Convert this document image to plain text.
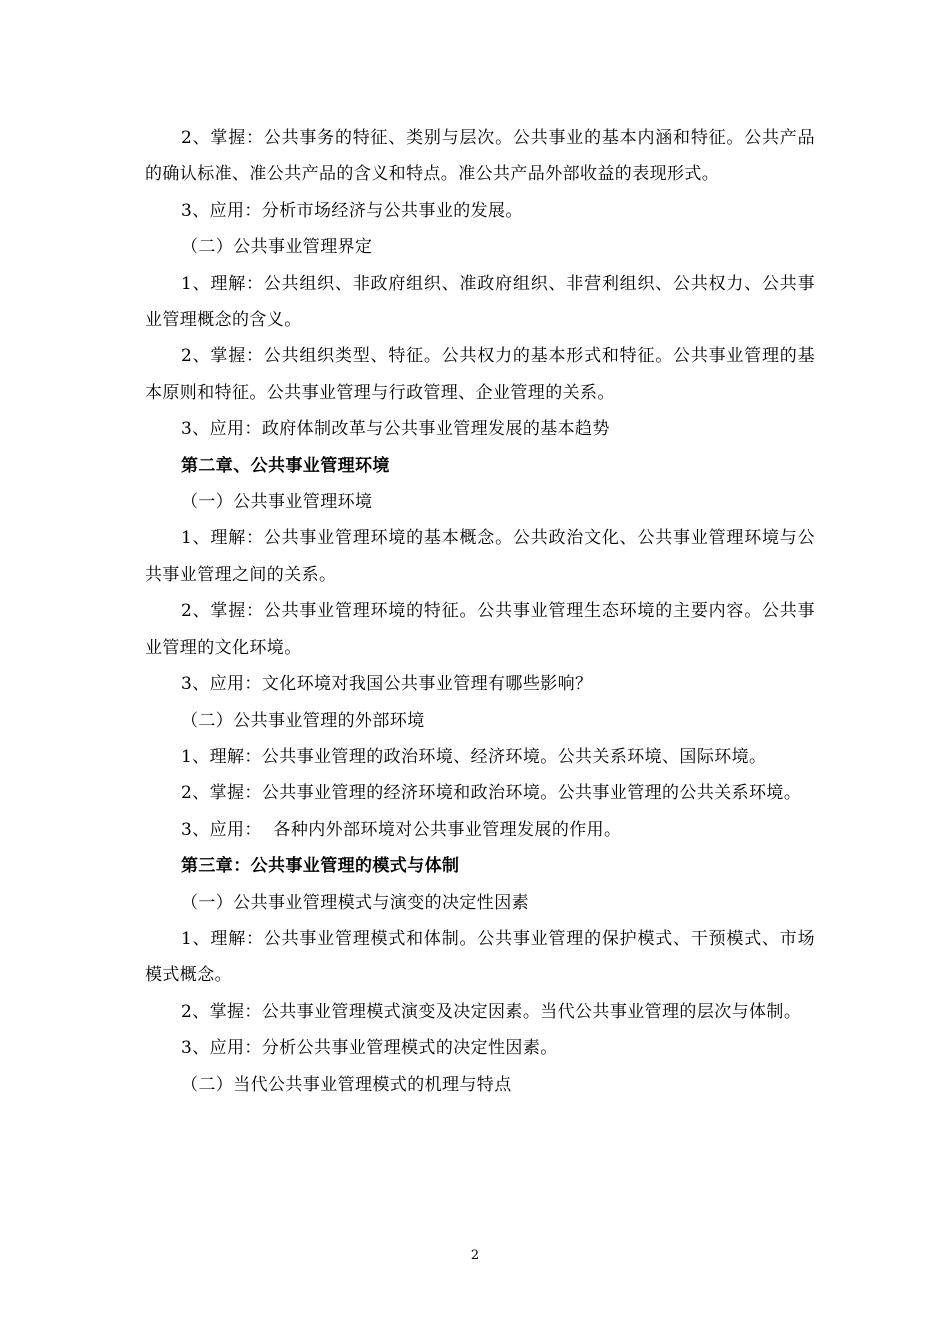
2、掌握：公共事务的特征、类别与层次。公共事业的基本内涵和特征。公共产品的确认标准、准公共产品的含义和特点。准公共产品外部收益的表现形式。

3、应用：分析市场经济与公共事业的发展。

（二）公共事业管理界定

1、理解：公共组织、非政府组织、准政府组织、非营利组织、公共权力、公共事业管理概念的含义。

2、掌握：公共组织类型、特征。公共权力的基本形式和特征。公共事业管理的基本原则和特征。公共事业管理与行政管理、企业管理的关系。

3、应用：政府体制改革与公共事业管理发展的基本趋势

第二章、公共事业管理环境

（一）公共事业管理环境

1、理解：公共事业管理环境的基本概念。公共政治文化、公共事业管理环境与公共事业管理之间的关系。

2、掌握：公共事业管理环境的特征。公共事业管理生态环境的主要内容。公共事业管理的文化环境。

3、应用：文化环境对我国公共事业管理有哪些影响？

（二）公共事业管理的外部环境

1、理解：公共事业管理的政治环境、经济环境。公共关系环境、国际环境。

2、掌握：公共事业管理的经济环境和政治环境。公共事业管理的公共关系环境。

3、应用：  各种内外部环境对公共事业管理发展的作用。

第三章：公共事业管理的模式与体制

（一）公共事业管理模式与演变的决定性因素

1、理解：公共事业管理模式和体制。公共事业管理的保护模式、干预模式、市场模式概念。

2、掌握：公共事业管理模式演变及决定因素。当代公共事业管理的层次与体制。

3、应用：分析公共事业管理模式的决定性因素。

（二）当代公共事业管理模式的机理与特点

2
